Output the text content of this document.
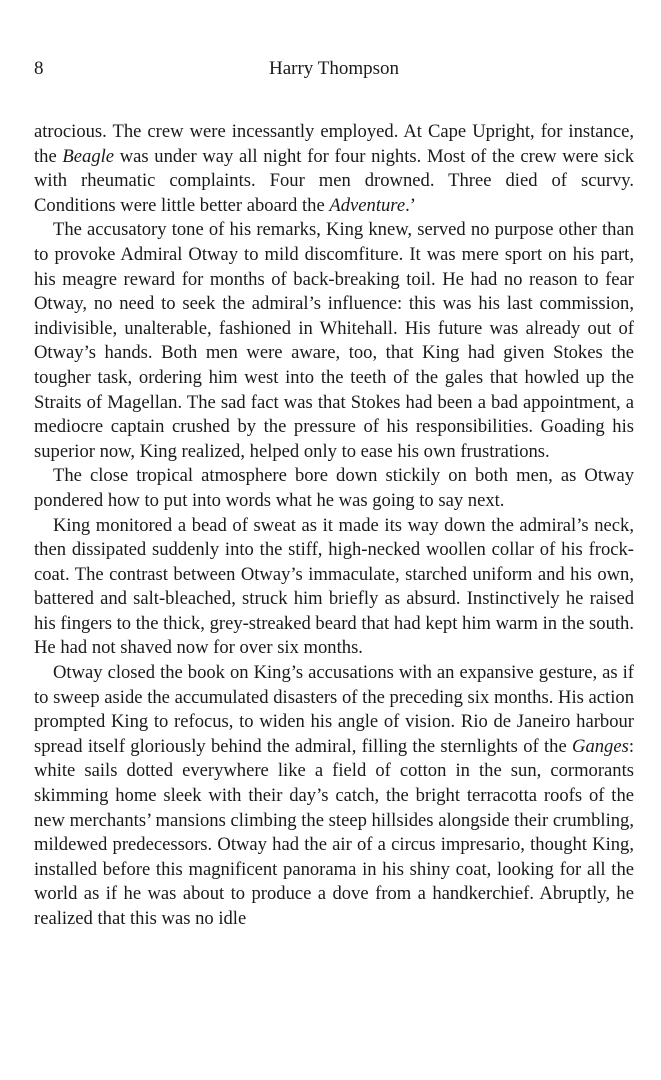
8	Harry Thompson

atrocious. The crew were incessantly employed. At Cape Upright, for instance, the Beagle was under way all night for four nights. Most of the crew were sick with rheumatic complaints. Four men drowned. Three died of scurvy. Conditions were little better aboard the Adventure.’

The accusatory tone of his remarks, King knew, served no purpose other than to provoke Admiral Otway to mild discomfiture. It was mere sport on his part, his meagre reward for months of back-breaking toil. He had no reason to fear Otway, no need to seek the admiral’s influence: this was his last commission, indivisible, unalterable, fashioned in Whitehall. His future was already out of Otway’s hands. Both men were aware, too, that King had given Stokes the tougher task, ordering him west into the teeth of the gales that howled up the Straits of Magellan. The sad fact was that Stokes had been a bad appointment, a mediocre captain crushed by the pressure of his responsibilities. Goading his superior now, King realized, helped only to ease his own frustrations.

The close tropical atmosphere bore down stickily on both men, as Otway pondered how to put into words what he was going to say next.

King monitored a bead of sweat as it made its way down the admiral’s neck, then dissipated suddenly into the stiff, high-necked woollen collar of his frock-coat. The contrast between Otway’s immaculate, starched uniform and his own, battered and salt-bleached, struck him briefly as absurd. Instinctively he raised his fingers to the thick, grey-streaked beard that had kept him warm in the south. He had not shaved now for over six months.

Otway closed the book on King’s accusations with an expansive gesture, as if to sweep aside the accumulated disasters of the preceding six months. His action prompted King to refocus, to widen his angle of vision. Rio de Janeiro harbour spread itself gloriously behind the admiral, filling the sternlights of the Ganges: white sails dotted everywhere like a field of cotton in the sun, cormorants skimming home sleek with their day’s catch, the bright terracotta roofs of the new merchants’ mansions climbing the steep hillsides alongside their crumbling, mildewed predecessors. Otway had the air of a circus impresario, thought King, installed before this magnificent panorama in his shiny coat, looking for all the world as if he was about to produce a dove from a handkerchief. Abruptly, he realized that this was no idle
